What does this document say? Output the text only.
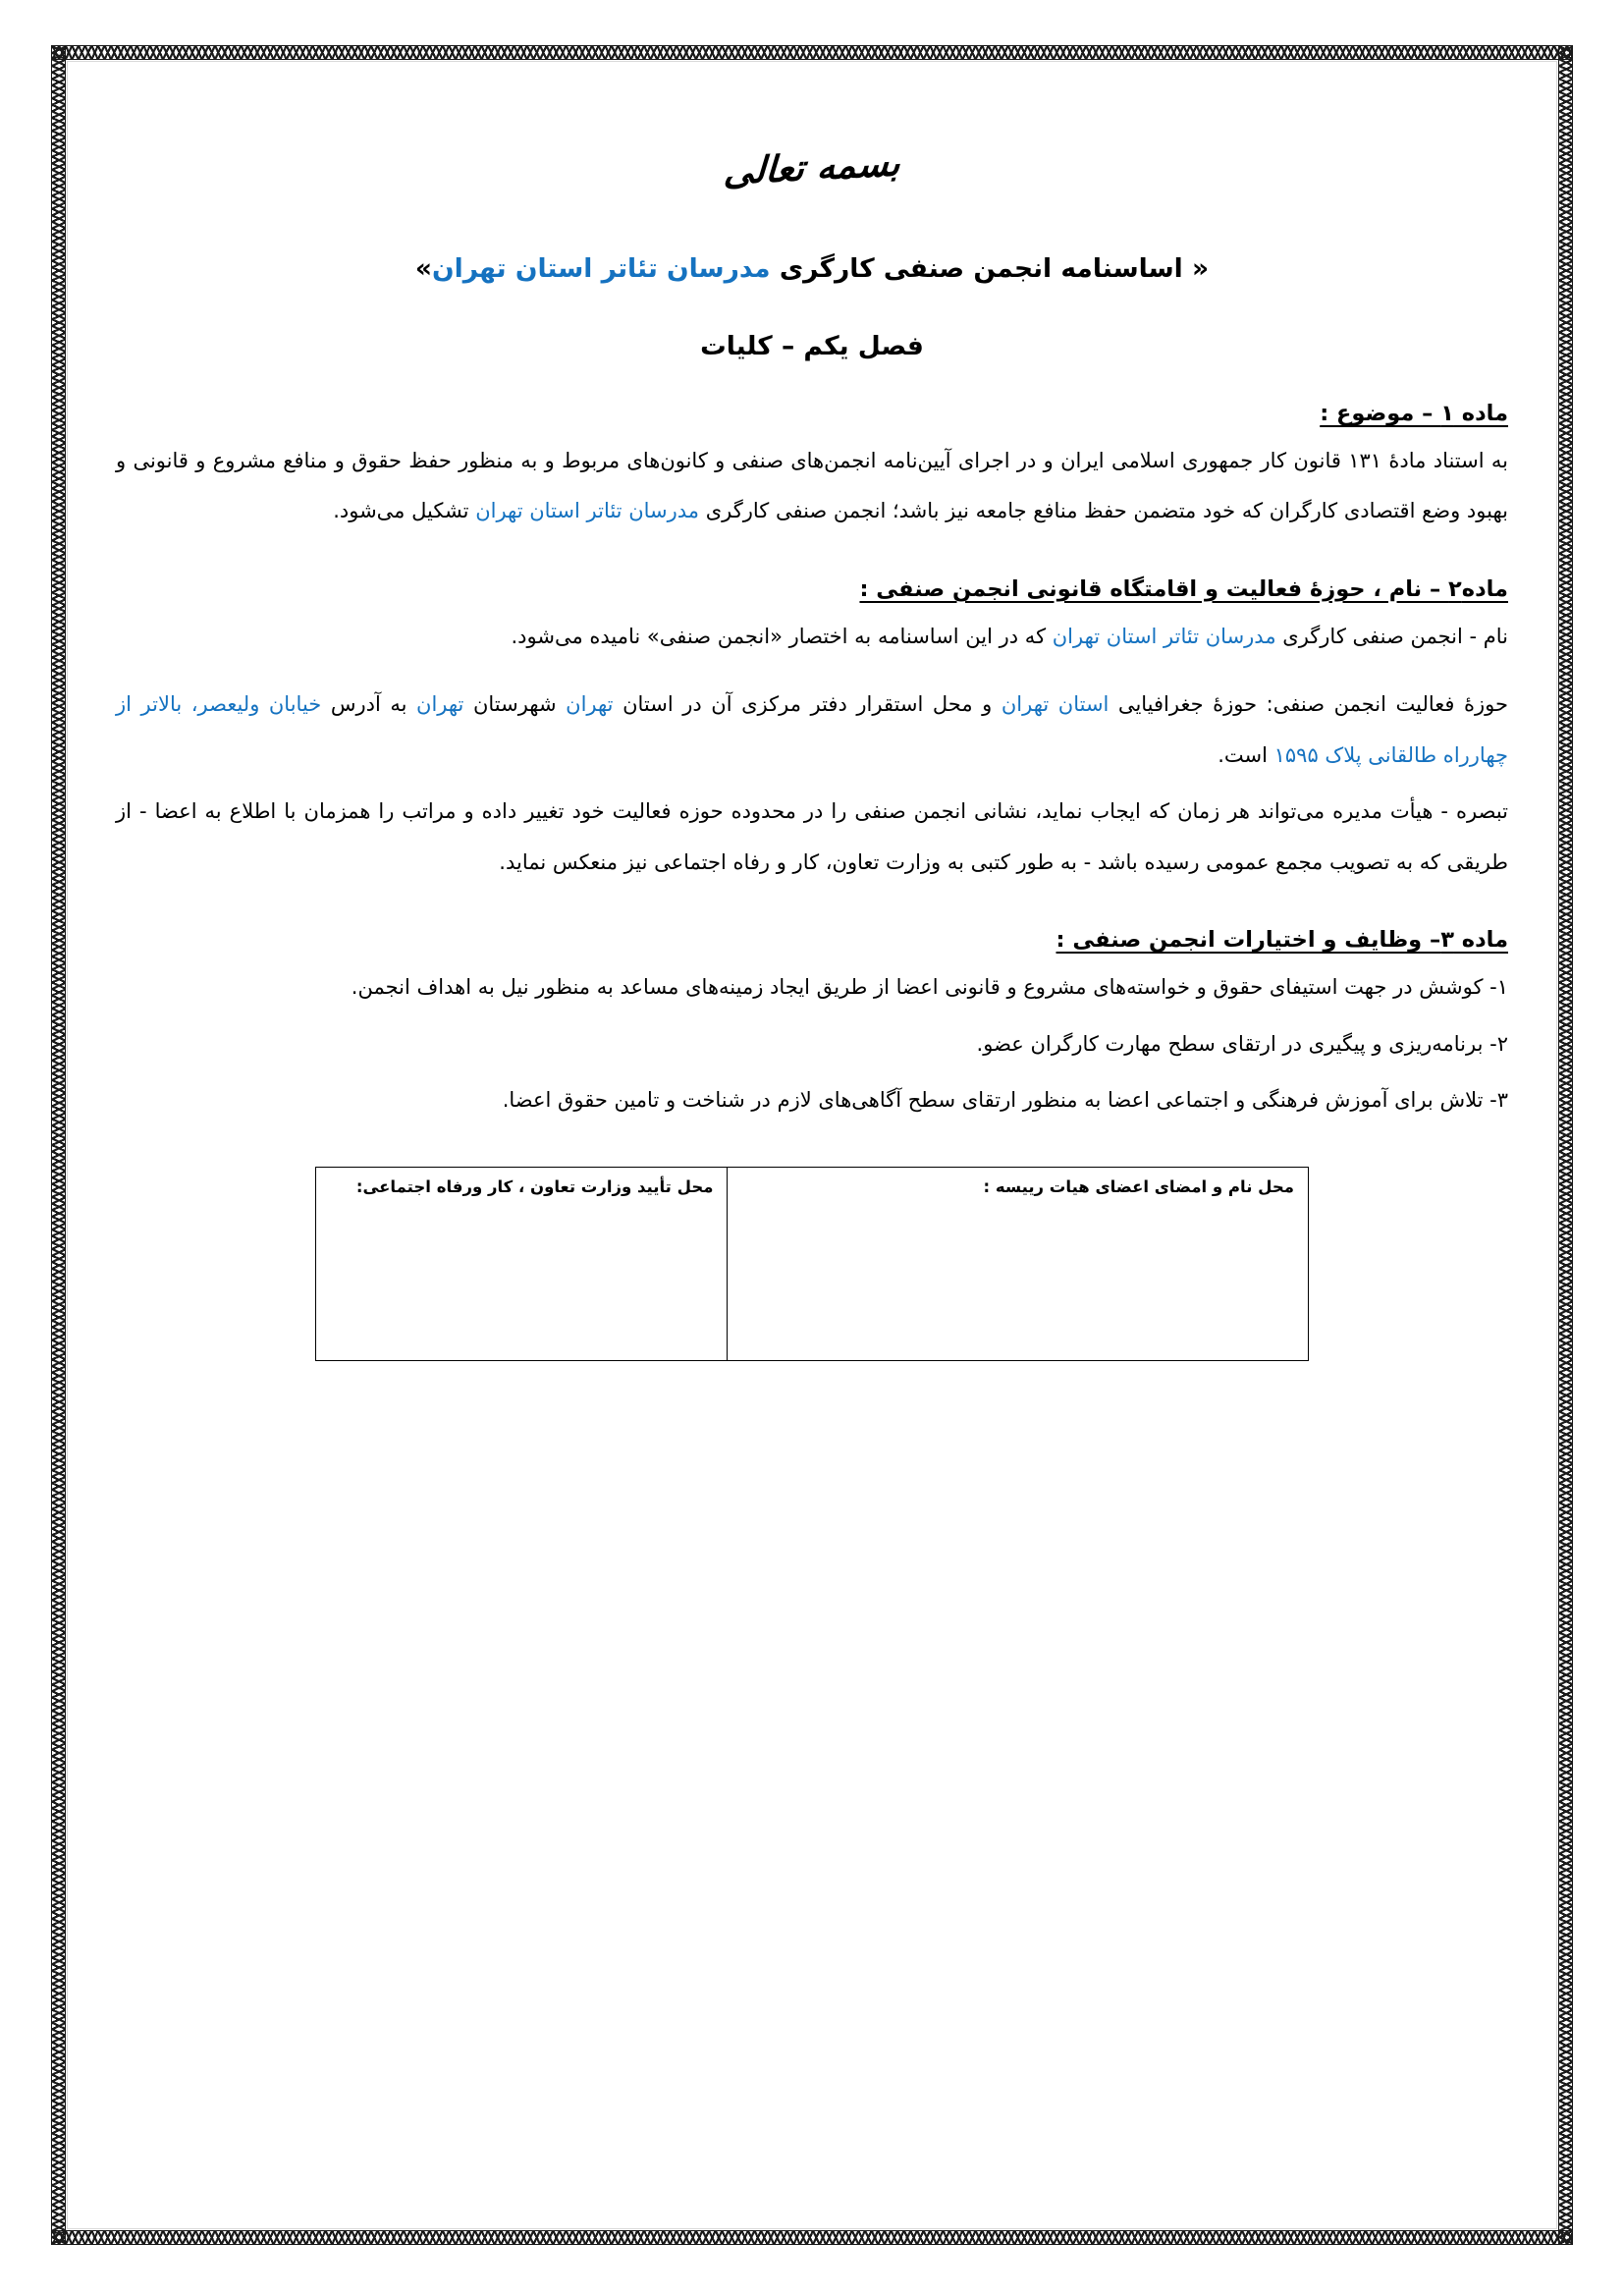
بسمه تعالی
« اساسنامه انجمن صنفی کارگری مدرسان تئاتر استان تهران»
فصل یکم – کلیات
ماده ۱ – موضوع :

به استناد مادهٔ ۱۳۱ قانون کار جمهوری اسلامی ایران و در اجرای آیین‌نامه انجمن‌های صنفی و کانون‌های مربوط و به منظور حفظ حقوق و منافع مشروع و قانونی و بهبود وضع اقتصادی کارگران که خود متضمن حفظ منافع جامعه نیز باشد؛ انجمن صنفی کارگری مدرسان تئاتر استان تهران تشکیل می‌شود.

ماده۲ – نام ، حوزهٔ فعالیت و اقامتگاه قانونی انجمن صنفی :

نام - انجمن صنفی کارگری مدرسان تئاتر استان تهران که در این اساسنامه به اختصار «انجمن صنفی» نامیده می‌شود.

حوزهٔ فعالیت انجمن صنفی: حوزهٔ جغرافیایی استان تهران و محل استقرار دفتر مرکزی آن در استان تهران شهرستان تهران به آدرس خیابان ولیعصر، بالاتر از چهارراه طالقانی پلاک ۱۵۹۵ است.

تبصره - هیأت مدیره می‌تواند هر زمان که ایجاب نماید، نشانی انجمن صنفی را در محدوده حوزه فعالیت خود تغییر داده و مراتب را همزمان با اطلاع به اعضا - از طریقی که به تصویب مجمع عمومی رسیده باشد - به طور کتبی به وزارت تعاون، کار و رفاه اجتماعی نیز منعکس نماید.

ماده ۳– وظایف و اختیارات انجمن صنفی :

۱- کوشش در جهت استیفای حقوق و خواسته‌های مشروع و قانونی اعضا از طریق ایجاد زمینه‌های مساعد به منظور نیل به اهداف انجمن.

۲- برنامه‌ریزی و پیگیری در ارتقای سطح مهارت کارگران عضو.

۳- تلاش برای آموزش فرهنگی و اجتماعی اعضا به منظور ارتقای سطح آگاهی‌های لازم در شناخت و تامین حقوق اعضا.

محل نام و امضای اعضای هیات رییسه :	محل تأیید وزارت تعاون ، کار ورفاه اجتماعی:
